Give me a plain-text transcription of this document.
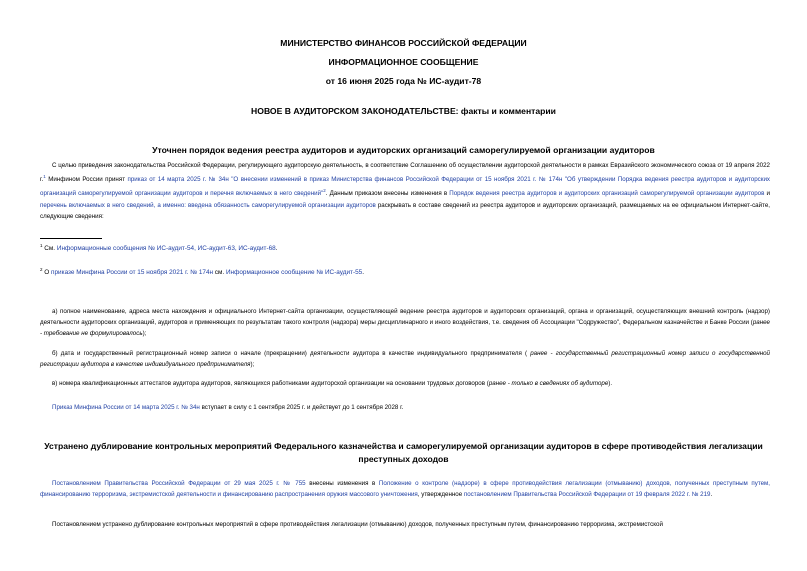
МИНИСТЕРСТВО ФИНАНСОВ РОССИЙСКОЙ ФЕДЕРАЦИИ
ИНФОРМАЦИОННОЕ СООБЩЕНИЕ
от 16 июня 2025 года № ИС-аудит-78
НОВОЕ В АУДИТОРСКОМ ЗАКОНОДАТЕЛЬСТВЕ: факты и комментарии
Уточнен порядок ведения реестра аудиторов и аудиторских организаций саморегулируемой организации аудиторов
С целью приведения законодательства Российской Федерации, регулирующего аудиторскую деятельность, в соответствие Соглашению об осуществлении аудиторской деятельности в рамках Евразийского экономического союза от 19 апреля 2022 г.$^1$ Минфином России принят приказ от 14 марта 2025 г. № 34н "О внесении изменений в приказ Министерства финансов Российской Федерации от 15 ноября 2021 г. № 174н "Об утверждении Порядка ведения реестра аудиторов и аудиторских организаций саморегулируемой организации аудиторов и перечня включаемых в него сведений"$^2$. Данным приказом внесены изменения в Порядок ведения реестра аудиторов и аудиторских организаций саморегулируемой организации аудиторов и перечень включаемых в него сведений, а именно: введена обязанность саморегулируемой организации аудиторов раскрывать в составе сведений из реестра аудиторов и аудиторских организаций, размещаемых на ее официальном Интернет-сайте, следующие сведения:
$^1$ См. Информационные сообщения № ИС-аудит-54, ИС-аудит-63, ИС-аудит-68.
$^2$ О приказе Минфина России от 15 ноября 2021 г. № 174н см. Информационное сообщение № ИС-аудит-55.
а) полное наименование, адреса места нахождения и официального Интернет-сайта организации, осуществляющей ведение реестра аудиторов и аудиторских организаций, органа и организаций, осуществляющих внешний контроль (надзор) деятельности аудиторских организаций, аудиторов и применяющих по результатам такого контроля (надзора) меры дисциплинарного и иного воздействия, т.е. сведения об Ассоциации "Содружество", Федеральном казначействе и Банке России (ранее - требование не формулировалось);
б) дата и государственный регистрационный номер записи о начале (прекращении) деятельности аудитора в качестве индивидуального предпринимателя ( ранее - государственный регистрационный номер записи о государственной регистрации аудитора в качестве индивидуального предпринимателя);
в) номера квалификационных аттестатов аудитора аудиторов, являющихся работниками аудиторской организации на основании трудовых договоров (ранее - только в сведениях об аудиторе).
Приказ Минфина России от 14 марта 2025 г. № 34н вступает в силу с 1 сентября 2025 г. и действует до 1 сентября 2028 г.
Устранено дублирование контрольных мероприятий Федерального казначейства и саморегулируемой организации аудиторов в сфере противодействия легализации преступных доходов
Постановлением Правительства Российской Федерации от 29 мая 2025 г. № 755 внесены изменения в Положение о контроле (надзоре) в сфере противодействия легализации (отмыванию) доходов, полученных преступным путем, финансированию терроризма, экстремистской деятельности и финансированию распространения оружия массового уничтожения, утвержденное постановлением Правительства Российской Федерации от 19 февраля 2022 г. № 219.
Постановлением устранено дублирование контрольных мероприятий в сфере противодействия легализации (отмыванию) доходов, полученных преступным путем, финансированию терроризма, экстремистской
